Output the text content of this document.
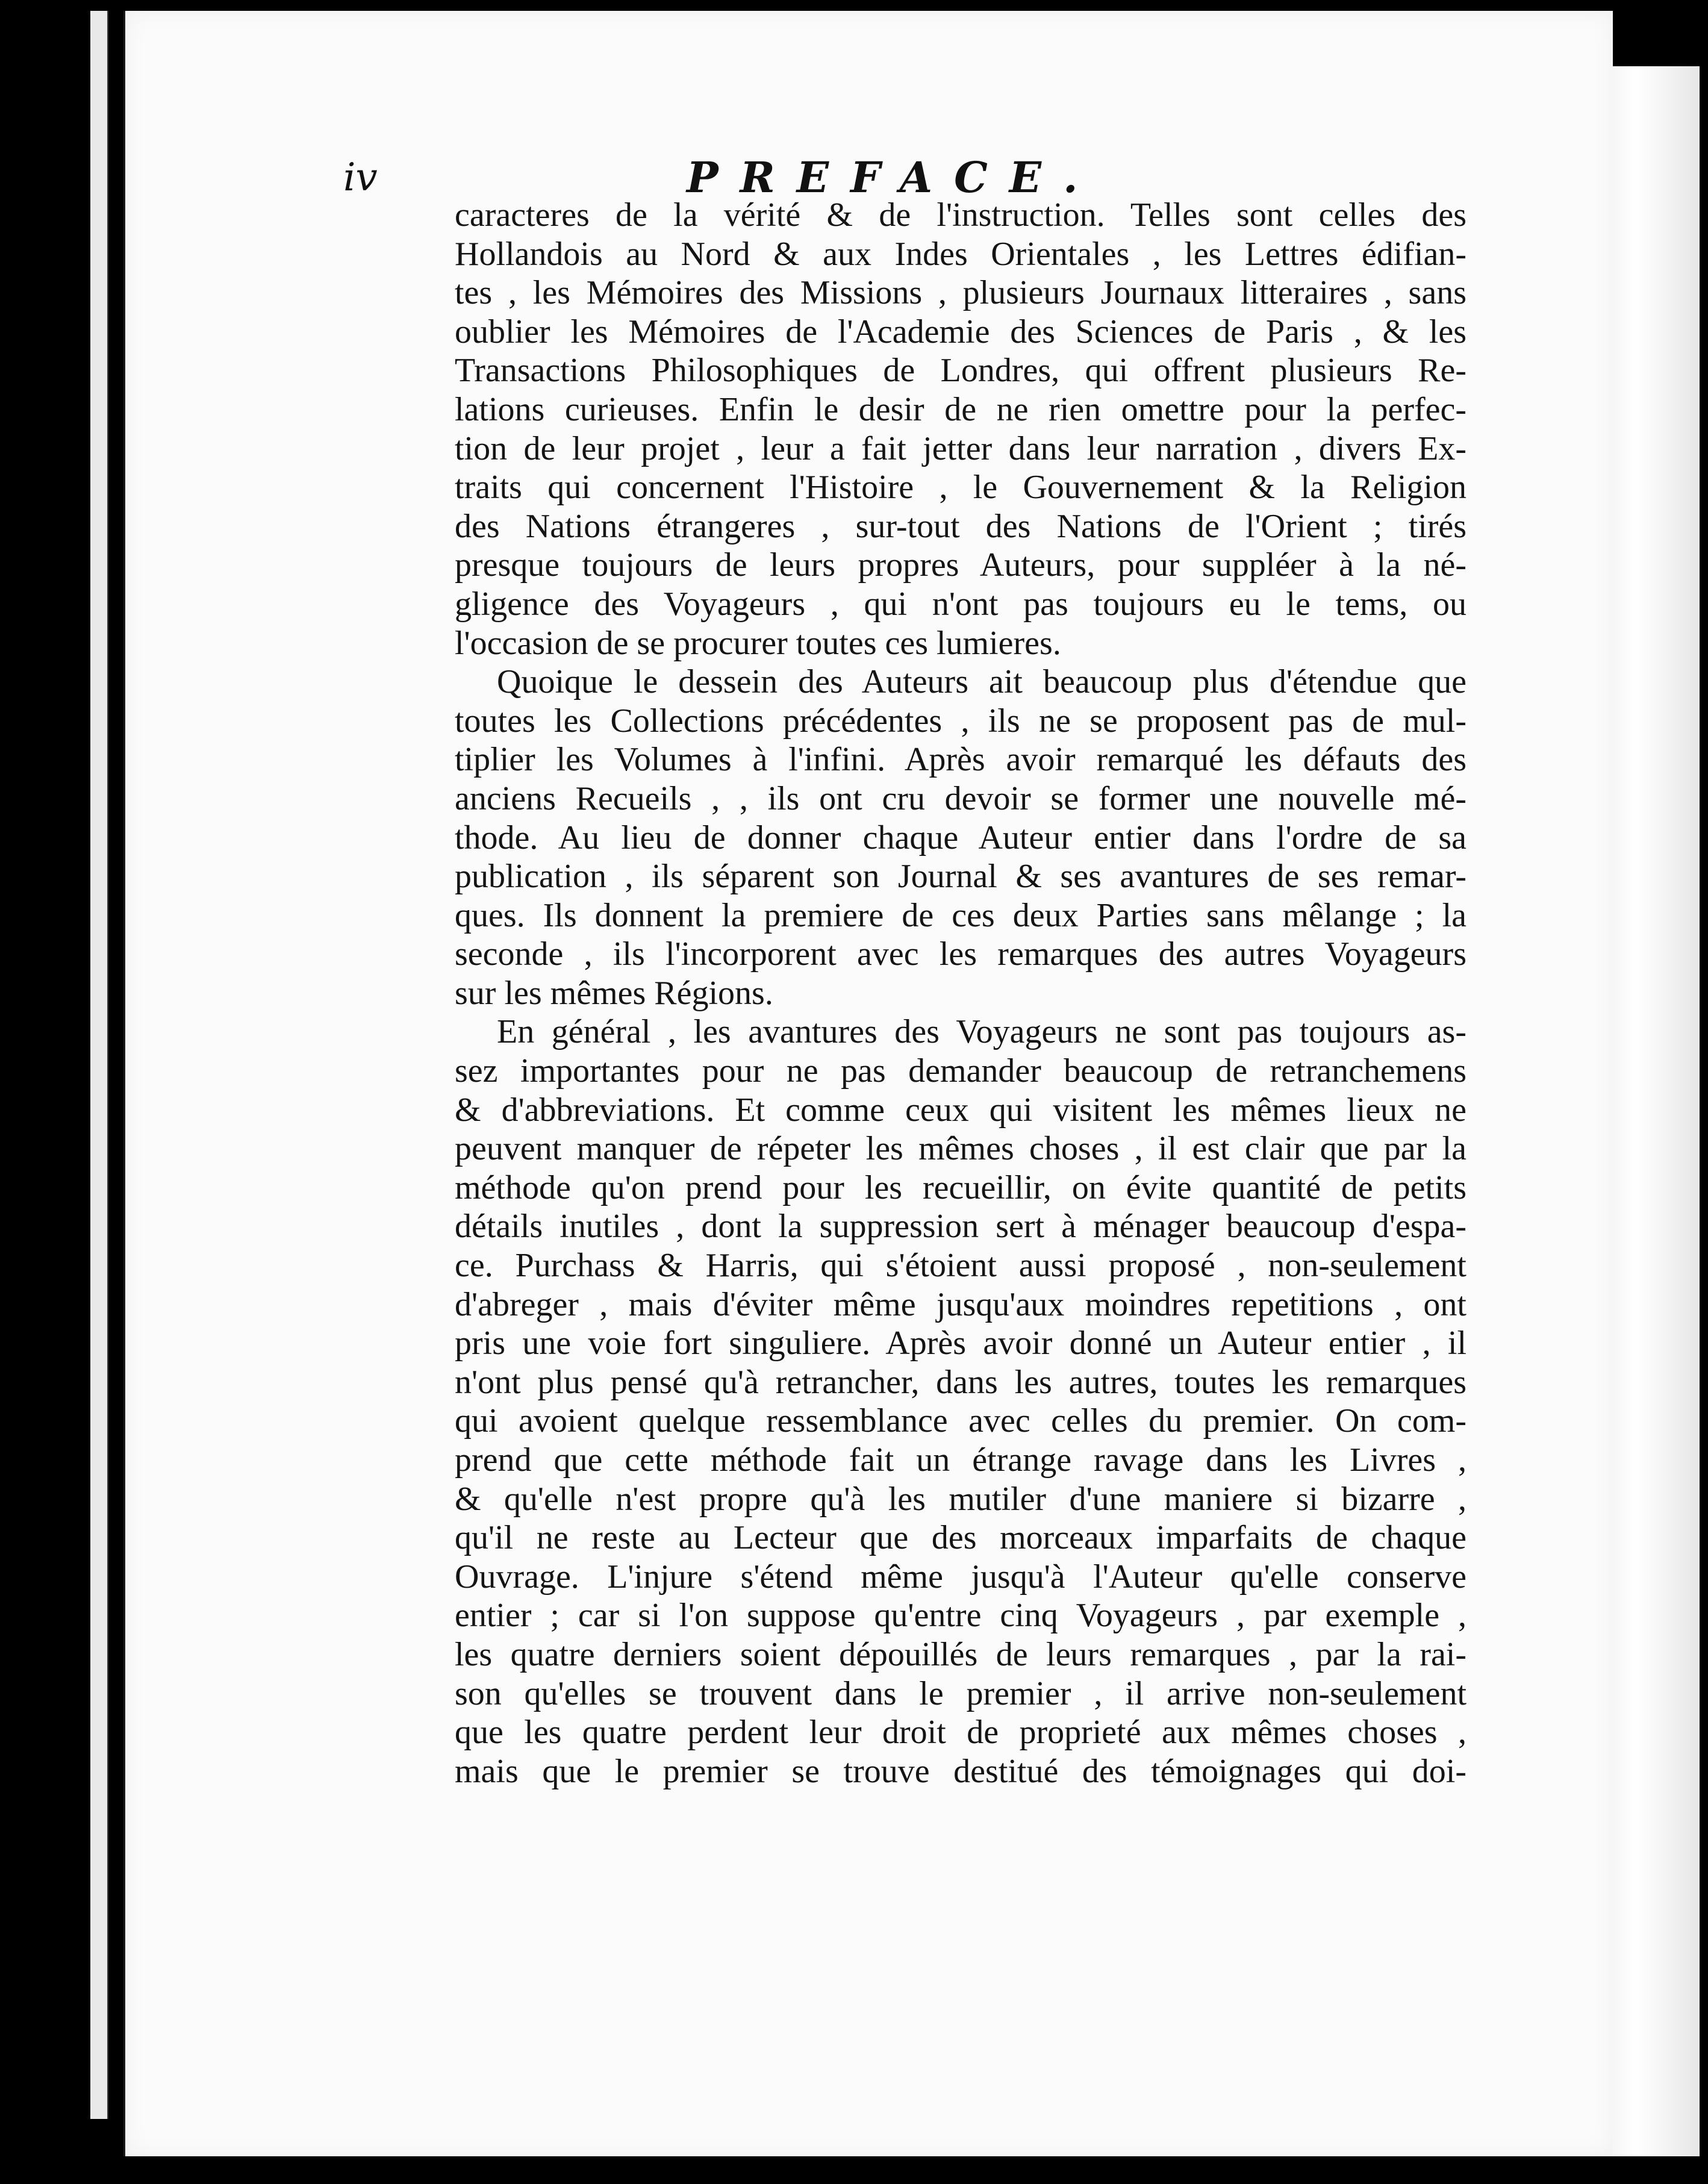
iv	PREFACE.
caracteres de la vérité & de l'instruction. Telles sont celles des
Hollandois au Nord & aux Indes Orientales , les Lettres édifian-
tes , les Mémoires des Missions , plusieurs Journaux litteraires , sans
oublier les Mémoires de l'Academie des Sciences de Paris , & les
Transactions Philosophiques de Londres, qui offrent plusieurs Re-
lations curieuses. Enfin le desir de ne rien omettre pour la perfec-
tion de leur projet , leur a fait jetter dans leur narration , divers Ex-
traits qui concernent l'Histoire , le Gouvernement & la Religion
des Nations étrangeres , sur-tout des Nations de l'Orient ; tirés
presque toujours de leurs propres Auteurs, pour suppléer à la né-
gligence des Voyageurs , qui n'ont pas toujours eu le tems, ou
l'occasion de se procurer toutes ces lumieres.
Quoique le dessein des Auteurs ait beaucoup plus d'étendue que
toutes les Collections précédentes , ils ne se proposent pas de mul-
tiplier les Volumes à l'infini. Après avoir remarqué les défauts des
anciens Recueils , , ils ont cru devoir se former une nouvelle mé-
thode. Au lieu de donner chaque Auteur entier dans l'ordre de sa
publication , ils séparent son Journal & ses avantures de ses remar-
ques. Ils donnent la premiere de ces deux Parties sans mêlange ; la
seconde , ils l'incorporent avec les remarques des autres Voyageurs
sur les mêmes Régions.
En général , les avantures des Voyageurs ne sont pas toujours as-
sez importantes pour ne pas demander beaucoup de retranchemens
& d'abbreviations. Et comme ceux qui visitent les mêmes lieux ne
peuvent manquer de répeter les mêmes choses , il est clair que par la
méthode qu'on prend pour les recueillir, on évite quantité de petits
détails inutiles , dont la suppression sert à ménager beaucoup d'espa-
ce. Purchass & Harris, qui s'étoient aussi proposé , non-seulement
d'abreger , mais d'éviter même jusqu'aux moindres repetitions , ont
pris une voie fort singuliere. Après avoir donné un Auteur entier , il
n'ont plus pensé qu'à retrancher, dans les autres, toutes les remarques
qui avoient quelque ressemblance avec celles du premier. On com-
prend que cette méthode fait un étrange ravage dans les Livres ,
& qu'elle n'est propre qu'à les mutiler d'une maniere si bizarre ,
qu'il ne reste au Lecteur que des morceaux imparfaits de chaque
Ouvrage. L'injure s'étend même jusqu'à l'Auteur qu'elle conserve
entier ; car si l'on suppose qu'entre cinq Voyageurs , par exemple ,
les quatre derniers soient dépouillés de leurs remarques , par la rai-
son qu'elles se trouvent dans le premier , il arrive non-seulement
que les quatre perdent leur droit de proprieté aux mêmes choses ,
mais que le premier se trouve destitué des témoignages qui doi-
